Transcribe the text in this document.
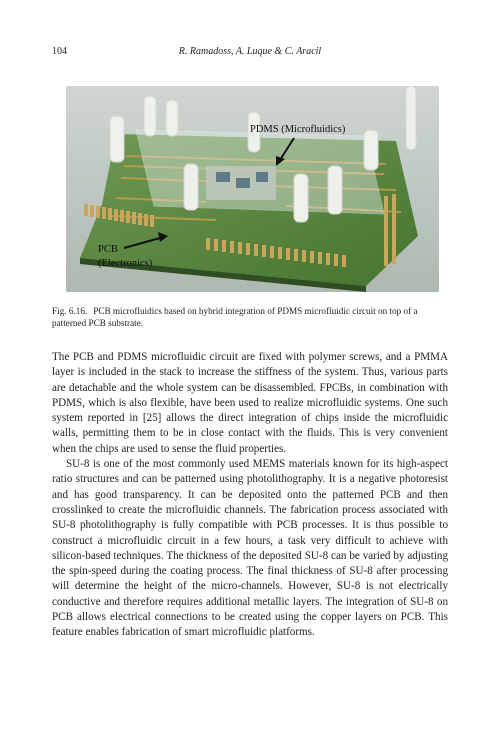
104	R. Ramadoss, A. Luque & C. Aracil
PDMS (Microfluidics)
PCB
(Electronics)
Fig. 6.16. PCB microfluidics based on hybrid integration of PDMS microfluidic circuit on top of a patterned PCB substrate.

The PCB and PDMS microfluidic circuit are fixed with polymer screws, and a PMMA layer is included in the stack to increase the stiffness of the system. Thus, various parts are detachable and the whole system can be disassembled. FPCBs, in combination with PDMS, which is also flexible, have been used to realize microfluidic systems. One such system reported in [25] allows the direct integration of chips inside the microfluidic walls, permitting them to be in close contact with the fluids. This is very convenient when the chips are used to sense the fluid properties.

SU-8 is one of the most commonly used MEMS materials known for its high-aspect ratio structures and can be patterned using photolithography. It is a negative photoresist and has good transparency. It can be deposited onto the patterned PCB and then crosslinked to create the microfluidic channels. The fabrication process associated with SU-8 photolithography is fully compatible with PCB processes. It is thus possible to construct a microfluidic circuit in a few hours, a task very difficult to achieve with silicon-based techniques. The thickness of the deposited SU-8 can be varied by adjusting the spin-speed during the coating process. The final thickness of SU-8 after processing will determine the height of the micro-channels. However, SU-8 is not electrically conductive and therefore requires additional metallic layers. The integration of SU-8 on PCB allows electrical connections to be created using the copper layers on PCB. This feature enables fabrication of smart microfluidic platforms.
